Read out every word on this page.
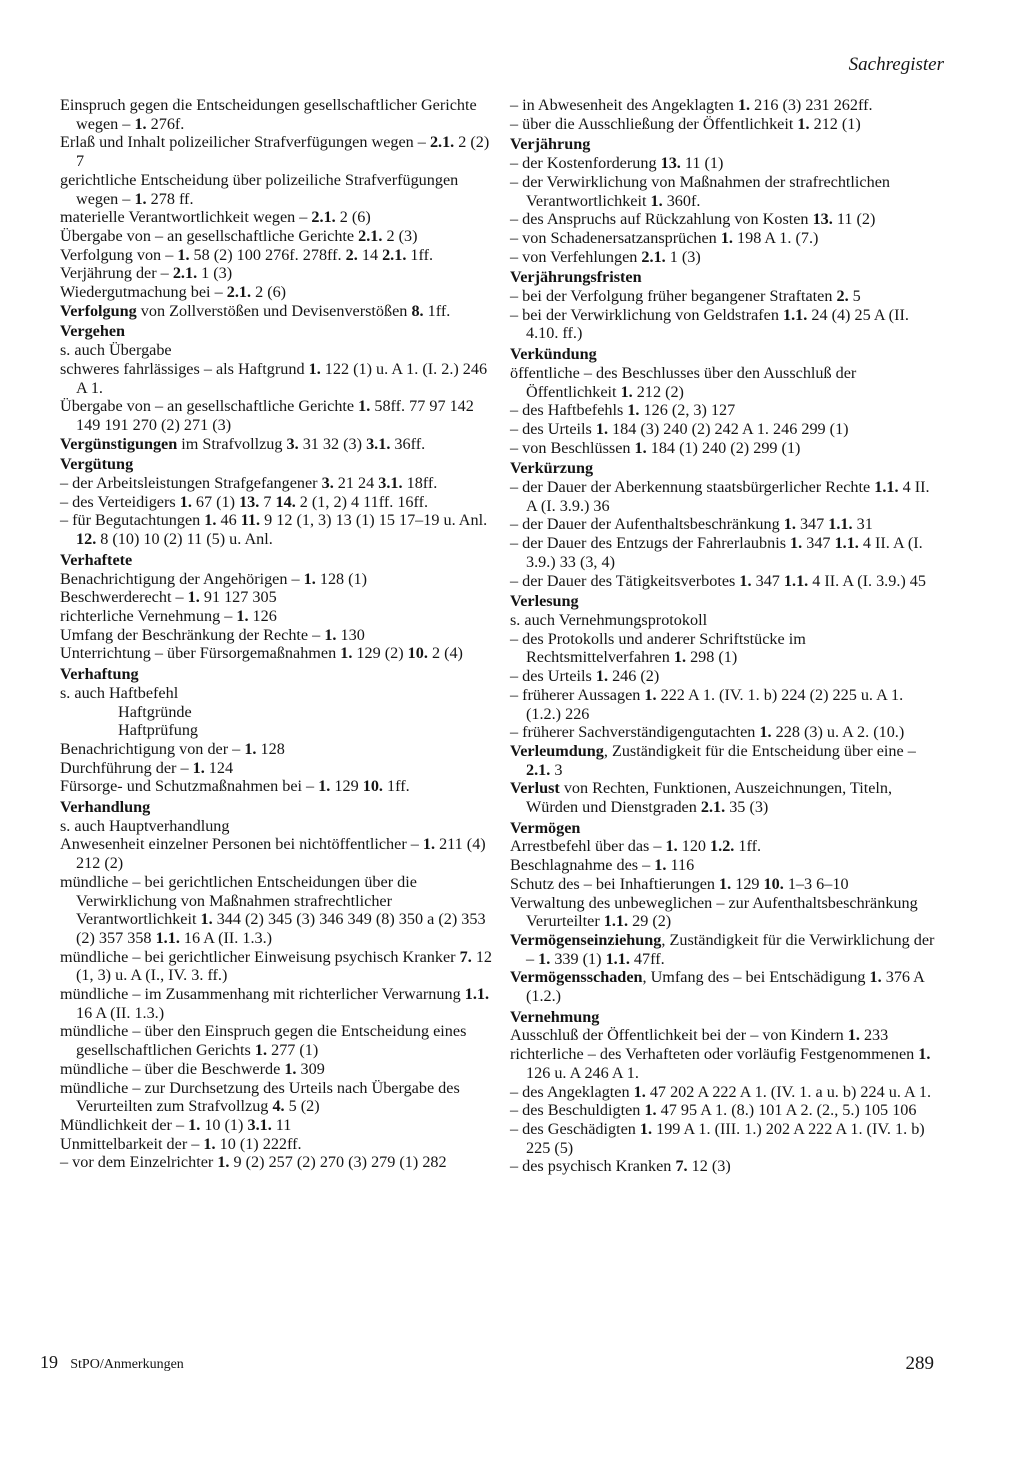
Sachregister

Einspruch gegen die Entscheidungen gesellschaftlicher Gerichte wegen – 1. 276f.

Erlaß und Inhalt polizeilicher Strafverfügungen wegen – 2.1. 2 (2) 7

gerichtliche Entscheidung über polizeiliche Strafverfügungen wegen – 1. 278 ff.

materielle Verantwortlichkeit wegen – 2.1. 2 (6)

Übergabe von – an gesellschaftliche Gerichte 2.1. 2 (3)

Verfolgung von – 1. 58 (2) 100 276f. 278ff. 2. 14 2.1. 1ff.

Verjährung der – 2.1. 1 (3)

Wiedergutmachung bei – 2.1. 2 (6)

Verfolgung von Zollverstößen und Devisenverstößen 8. 1ff.

Vergehen

s. auch Übergabe

schweres fahrlässiges – als Haftgrund 1. 122 (1) u. A 1. (I. 2.) 246 A 1.

Übergabe von – an gesellschaftliche Gerichte 1. 58ff. 77 97 142 149 191 270 (2) 271 (3)

Vergünstigungen im Strafvollzug 3. 31 32 (3) 3.1. 36ff.

Vergütung

– der Arbeitsleistungen Strafgefangener 3. 21 24 3.1. 18ff.

– des Verteidigers 1. 67 (1) 13. 7 14. 2 (1, 2) 4 11ff. 16ff.

– für Begutachtungen 1. 46 11. 9 12 (1, 3) 13 (1) 15 17–19 u. Anl. 12. 8 (10) 10 (2) 11 (5) u. Anl.

Verhaftete

Benachrichtigung der Angehörigen – 1. 128 (1)

Beschwerderecht – 1. 91 127 305

richterliche Vernehmung – 1. 126

Umfang der Beschränkung der Rechte – 1. 130

Unterrichtung – über Fürsorgemaßnahmen 1. 129 (2) 10. 2 (4)

Verhaftung

s. auch Haftbefehl

Haftgründe

Haftprüfung

Benachrichtigung von der – 1. 128

Durchführung der – 1. 124

Fürsorge- und Schutzmaßnahmen bei – 1. 129 10. 1ff.

Verhandlung

s. auch Hauptverhandlung

Anwesenheit einzelner Personen bei nichtöffentlicher – 1. 211 (4) 212 (2)

mündliche – bei gerichtlichen Entscheidungen über die Verwirklichung von Maßnahmen strafrechtlicher Verantwortlichkeit 1. 344 (2) 345 (3) 346 349 (8) 350 a (2) 353 (2) 357 358 1.1. 16 A (II. 1.3.)

mündliche – bei gerichtlicher Einweisung psychisch Kranker 7. 12 (1, 3) u. A (I., IV. 3. ff.)

mündliche – im Zusammenhang mit richterlicher Verwarnung 1.1. 16 A (II. 1.3.)

mündliche – über den Einspruch gegen die Entscheidung eines gesellschaftlichen Gerichts 1. 277 (1)

mündliche – über die Beschwerde 1. 309

mündliche – zur Durchsetzung des Urteils nach Übergabe des Verurteilten zum Strafvollzug 4. 5 (2)

Mündlichkeit der – 1. 10 (1) 3.1. 11

Unmittelbarkeit der – 1. 10 (1) 222ff.

– vor dem Einzelrichter 1. 9 (2) 257 (2) 270 (3) 279 (1) 282

– in Abwesenheit des Angeklagten 1. 216 (3) 231 262ff.

– über die Ausschließung der Öffentlichkeit 1. 212 (1)

Verjährung

– der Kostenforderung 13. 11 (1)

– der Verwirklichung von Maßnahmen der strafrechtlichen Verantwortlichkeit 1. 360f.

– des Anspruchs auf Rückzahlung von Kosten 13. 11 (2)

– von Schadenersatzansprüchen 1. 198 A 1. (7.)

– von Verfehlungen 2.1. 1 (3)

Verjährungsfristen

– bei der Verfolgung früher begangener Straftaten 2. 5

– bei der Verwirklichung von Geldstrafen 1.1. 24 (4) 25 A (II. 4.10. ff.)

Verkündung

öffentliche – des Beschlusses über den Ausschluß der Öffentlichkeit 1. 212 (2)

– des Haftbefehls 1. 126 (2, 3) 127

– des Urteils 1. 184 (3) 240 (2) 242 A 1. 246 299 (1)

– von Beschlüssen 1. 184 (1) 240 (2) 299 (1)

Verkürzung

– der Dauer der Aberkennung staatsbürgerlicher Rechte 1.1. 4 II. A (I. 3.9.) 36

– der Dauer der Aufenthaltsbeschränkung 1. 347 1.1. 31

– der Dauer des Entzugs der Fahrerlaubnis 1. 347 1.1. 4 II. A (I. 3.9.) 33 (3, 4)

– der Dauer des Tätigkeitsverbotes 1. 347 1.1. 4 II. A (I. 3.9.) 45

Verlesung

s. auch Vernehmungsprotokoll

– des Protokolls und anderer Schriftstücke im Rechtsmittelverfahren 1. 298 (1)

– des Urteils 1. 246 (2)

– früherer Aussagen 1. 222 A 1. (IV. 1. b) 224 (2) 225 u. A 1. (1.2.) 226

– früherer Sachverständigengutachten 1. 228 (3) u. A 2. (10.)

Verleumdung, Zuständigkeit für die Entscheidung über eine – 2.1. 3

Verlust von Rechten, Funktionen, Auszeichnungen, Titeln, Würden und Dienstgraden 2.1. 35 (3)

Vermögen

Arrestbefehl über das – 1. 120 1.2. 1ff.

Beschlagnahme des – 1. 116

Schutz des – bei Inhaftierungen 1. 129 10. 1–3 6–10

Verwaltung des unbeweglichen – zur Aufenthaltsbeschränkung Verurteilter 1.1. 29 (2)

Vermögenseinziehung, Zuständigkeit für die Verwirklichung der – 1. 339 (1) 1.1. 47ff.

Vermögensschaden, Umfang des – bei Entschädigung 1. 376 A (1.2.)

Vernehmung

Ausschluß der Öffentlichkeit bei der – von Kindern 1. 233

richterliche – des Verhafteten oder vorläufig Festgenommenen 1. 126 u. A 246 A 1.

– des Angeklagten 1. 47 202 A 222 A 1. (IV. 1. a u. b) 224 u. A 1.

– des Beschuldigten 1. 47 95 A 1. (8.) 101 A 2. (2., 5.) 105 106

– des Geschädigten 1. 199 A 1. (III. 1.) 202 A 222 A 1. (IV. 1. b) 225 (5)

– des psychisch Kranken 7. 12 (3)

19 StPO/Anmerkungen	289
